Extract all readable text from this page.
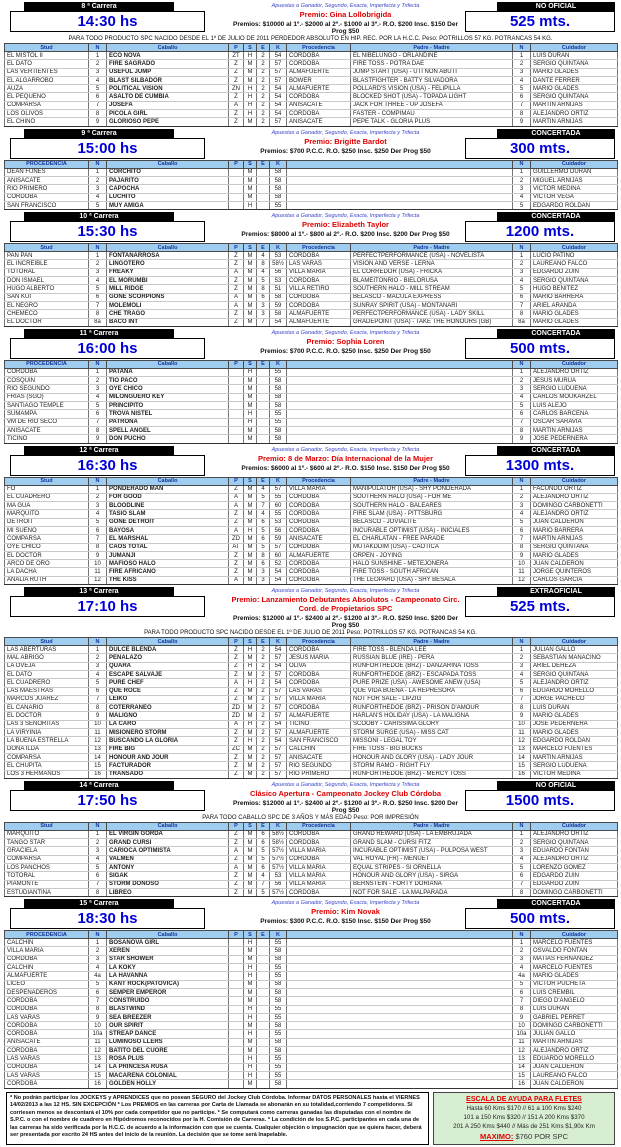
8 ª Carrera
14:30 hs
Apuestas a Ganador, Segundo, Exacta, Imperfecta y Trifecta
Premio: Gina Lollobrigida
Premios: $10000 al 1º.- $2000 al 2º.- $1000 al 3º.- R.O. $200 Insc. $150 Der Prog $50
NO OFICIAL
525 mts.
PARA TODO PRODUCTO SPC NACIDO DESDE EL 1º DE JULIO DE 2011 PERDEDOR ABSOLUTO EN HIP. REC. POR LA H.C.C. Peso: POTRILLOS 57 KG. POTRANCAS 54 KG.
Stud	N	Caballo	P	S	E	K	Procedencia	Padre - Madre	N	Cuidador
EL MISTOL II	1	ECO NOVA	ZT	H	2	54	CORDOBA	EL NIBELUNGO - ORLANDINE	1	LUIS DURAN
EL DATO	2	FIRE SAGRADO	Z	M	2	57	CORDOBA	FIRE TOSS - POTRA DAE	2	SERGIO QUINTANA
LAS VERTIENTES	3	USEFUL JUMP	Z	M	2	57	ALMAFUERTE	JUMP START (USA) - UTI NON ABUTI	3	MARIO GLADES
EL ALGARROBO	4	BLAST SILBADOR	Z	M	2	57	BOWER	BLASTFIGHTER - BATTY SILVADORA	4	DANTE FERRER
AUZA	5	POLITICAL VISION	ZN	H	2	54	ALMAFUERTE	POLLARD'S VISION (USA) - FELIPILLA	5	MARIO GLADES
EL PEQUEÑO	6	ASALTO DE CUMBIA	Z	H	2	54	CORDOBA	BLOCKED SHOT (USA) - TOPADA LIGHT	6	SERGIO QUINTANA
COMPARSA	7	JOSEFA	A	H	2	54	ANISACATE	JACK FOR THREE - UP JOSEFA	7	MARTIN ARNIJAS
LOS OLIVOS	8	PICOLA GIRL	Z	H	2	54	CORDOBA	FASTER - COMPIMAU	8	ALEJANDRO ORTIZ
EL CHINO	9	GLORIOSO PEPE	Z	M	2	57	ANISACATE	PEPE TALK - GLORIA PLUS	9	MARTIN ARNIJAS
9 ª Carrera
15:00 hs
Apuestas a Ganador, Segundo, Exacta, Imperfecta y Trifecta
Premio: Brigitte Bardot
Premios: $700 P.C.C. R.O. $250 Insc. $250 Der Prog $50
CONCERTADA
300 mts.
PROCEDENCIA	N	Caballo	P	S	E	K		N	Cuidador
DEAN FUNES	1	CORCHITO		M		58		1	GUILLERMO DURAN
ANISACATE	2	PAJARITO		M		58		2	MIGUEL ARNIJAS
RIO PRIMERO	3	CAPOCHA		M		58		3	VICTOR MEDINA
CORDOBA	4	LUCHITO		M		58		4	VICTOR VEGA
SAN FRANCISCO	5	MUY AMIGA		H		55		5	EDGARDO ROLDAN
10 ª Carrera
15:30 hs
Apuestas a Ganador, Segundo, Exacta, Imperfecta y Trifecta
Premio: Elizabeth Taylor
Premios: $8000 al 1º.- $800 al 2º.- R.O. $200 Insc. $200 Der Prog $50
CONCERTADA
1200 mts.
Stud	N	Caballo	P	S	E	K	Procedencia	Padre - Madre	N	Cuidador
PAN PAN	1	FONTANARROSA	Z	M	4	53	CORDOBA	PERFECTPERFORMANCE (USA) - NOVELISTA	1	LUCIO PATIÑO
EL INCREIBLE	2	LINGOTERO	Z	M	8	58½	LAS VARAS	VISION AND VERSE - LERNA	2	LAUREANO FALCO
TOTORAL	3	FREAKY	A	M	4	56	VILLA MARIA	EL CORREDOR (USA) - FRICKA	3	EDGARDO ZUIN
DON ISMAEL	4	EL MORUMBI	Z	M	5	53	CORDOBA	BLAMEITONRIO - BIELORUSA	4	SERGIO QUINTANA
HUGO ALBERTO	5	MILL RIDGE	Z	M	8	51	VILLA RETIRO	SOUTHERN HALO - MILL STREAM	5	HUGO BENITEZ
SAN KUI	6	GONE SCORPIONS	A	M	6	58	CORDOBA	BELASCO - MACULA EXPRESS	6	MARIO BARRERA
EL NEGRO	7	MOLEMOLI	A	M	3	59	CORDOBA	SUNRAY SPIRIT (USA) - MONTANARI	7	ARIEL ARANDA
CHEMECO	8	CHE TRAGO	Z	M	3	58	ALMAFUERTE	PERFECTPERFORMANCE (USA) - LADY SKILL	8	MARIO GLADES
EL DOCTOR	8a	BACO INT	Z	M	7	54	ALMAFUERTE	GRADEPOINT (USA) - TAKE THE HONOURS (GB)	8a	MARIO GLADES
11 ª Carrera
16:00 hs
Apuestas a Ganador, Segundo, Exacta, Imperfecta y Trifecta
Premio: Sophia Loren
Premios: $700 P.C.C. R.O. $250 Insc. $250 Der Prog $50
CONCERTADA
500 mts.
PROCEDENCIA	N	Caballo	P	S	E	K		N	Cuidador
CORDOBA	1	PATANA		H		55		1	ALEJANDRO ORTIZ
COSQUIN	2	TIO PACO		M		58		2	JESUS MURUA
RIO SEGUNDO	3	OYE CHICO		M		58		3	SERGIO LUDUEÑA
FRIAS (SGO)	4	MILONGUERO KEY		M		58		4	CARLOS MOUKARZEL
SANTIAGO TEMPLE	5	PRINCIPITO		M		58		5	LUIS ALEJO
SUMAMPA	6	TROVA NISTEL		H		55		6	CARLOS BARCENA
VM DE RIO SECO	7	PATRONA		H		55		7	OSCAR SARAVIA
ANISACATE	8	SPELL ANGEL		M		58		8	MARTIN ARNIJAS
TICINO	9	DON PUCHO		M		58		9	JOSE PEDERNERA
12 ª Carrera
16:30 hs
Apuestas a Ganador, Segundo, Exacta, Imperfecta y Trifecta
Premio: 8 de Marzo: Día Internacional de la Mujer
Premios: $6000 al 1º.- $600 al 2º.- R.O. $150 Insc. $150 Der Prog $50
CONCERTADA
1300 mts.
Stud	N	Caballo	P	S	E	K	Procedencia	Padre - Madre	N	Cuidador
FO	1	PONDERADO MAN	Z	M	4	57	VILLA MARIA	MANIPULATOR (USA) - SHY PONDERADA	1	FACUNDO ORTIZ
EL CUADRERO	2	FOR GOOD	A	M	5	55	CORDOBA	SOUTHERN HALO (USA) - FOR ME	2	ALEJANDRO ORTIZ
MA GUA	3	BLOODLINE	A	M	7	60	CORDOBA	SOUTHERN HALO - BALEARES	3	DOMINGO CARBONETTI
MARQUITO	4	TASIO SLAM	Z	M	4	55	CORDOBA	FIRE SLAM (USA) - PITTSBURG	4	ALEJANDRO ORTIZ
DETROIT	5	GONE DETROIT	Z	M	6	53	CORDOBA	BELASCO - JOVIALITE	5	JUAN CALDERON
MI SUEÑO	6	BAYOSA	A	H	5	56	CORDOBA	INCURABLE OPTIMIST (USA) - INICIALES	6	MARIO BARRERA
COMPARSA	7	EL MARSHAL	ZD	M	6	59	ANISACATE	EL CHARLATAN - FREE PARADE	7	MARTIN ARNIJAS
OYE CHICO	8	CAOS TOTAL	AT	M	5	57	CORDOBA	MUTAKDDIM (USA) - CAOTICA	8	SERGIO QUINTANA
EL DOCTOR	9	JUMANJI	Z	M	8	60	ALMAFUERTE	ORPEN - JOYING	9	MARIO GLADES
ARCO DE ORO	10	MAFIOSO HALO	Z	M	6	52	CORDOBA	HALO SUNSHINE - METEJONERA	10	JUAN CALDERON
LA DACHA	11	FIRE AFRICANO	Z	M	3	54	CORDOBA	FIRE TOSS - SOUTH AFRICAN	11	JORGE QUINTEROS
ANALIA RUTH	12	THE KISS	A	M	3	54	CORDOBA	THE LEOPARD (USA) - SHY BESALA	12	CARLOS GARCIA
13 ª Carrera
17:10 hs
Apuestas a Ganador, Segundo, Exacta, Imperfecta y Trifecta
Premio: Lanzamiento Debutantes Absolutos - Campeonato Circ. Cord. de Propietarios SPC
Premios: $12000 al 1º.- $2400 al 2º.- $1200 al 3º.- R.O. $250 Insc. $200 Der Prog $50
EXTRAOFICIAL
525 mts.
PARA TODO PRODUCTO SPC NACIDO DESDE EL 1º DE JULIO DE 2011 Peso: POTRILLOS 57 KG. POTRANCAS 54 KG.
Stud	N	Caballo	P	S	E	K	Procedencia	Padre - Madre	N	Cuidador
LAS ABERTURAS	1	DULCE BLENDA	Z	H	2	54	CORDOBA	FIRE TOSS - BLENDA LEE	1	JULIAN GALLO
MAL ABRIGO	2	PENALAZO	Z	M	2	57	JESUS MARIA	RUSSIAN BLUE (IRE) - PERA	2	SEBASTIAN MANACINO
LA OVEJA	3	QUARA	Z	H	2	54	OLIVA	RUNFORTHEDOE (BRZ) - DANZARINA TOSS	3	ARIEL DEHEZA
EL DATO	4	ESCAPE SALVAJE	Z	M	2	57	CORDOBA	RUNFORTHEDOE (BRZ) - ESCAPADA TOSS	4	SERGIO QUINTANA
EL CUADRERO	5	PURE CHEF	A	H	2	54	CORDOBA	PURE PRIZE (USA) - AWESOME ANEW (USA)	5	ALEJANDRO ORTIZ
LAS MAESTRAS	6	QUE ROCE	Z	M	2	57	LAS VARAS	QUE VIDA BUENA - LA REPRESORA	6	EDUARDO MORELLO
MARCOS JUAREZ	7	LEIKO	Z	M	2	57	VILLA MARIA	NOT FOR SALE - LIPZIG	7	JORGE PACHECO
EL CANARIO	8	COTERRANEO	ZD	M	2	57	CORDOBA	RUNFORTHEDOE (BRZ) - PRISON D'AMOUR	8	LUIS DURAN
EL DOCTOR	9	MALIGNO	ZD	M	2	57	ALMAFUERTE	HARLAN'S HOLIDAY (USA) - LA MALIGNA	9	MARIO GLADES
LAS 3 SEÑORITAS	10	LA CARO	A	H	2	54	TICINO	SCOOBY - CARISSIMA GLORY	10	JOSE PEDERNERA
LA VIRYINIA	11	MISIONERO STORM	Z	M	2	57	ALMAFUERTE	STORM SURGE (USA) - MISS CAT	11	MARIO GLADES
LA BUENA ESTRELLA	12	BUSCANDO LA GLORIA	Z	H	2	54	SAN FRANCISCO	MISSONI - LEGAL TOY	12	EDGARDO ROLDAN
DOÑA ILDA	13	FIRE BIG	ZC	M	2	57	CALCHIN	FIRE TOSS - BIG BUCKS	13	MARCELO FUENTES
COMPARSA	14	HONOUR AND JOUR	Z	M	2	57	ANISACATE	HONOUR AND GLORY (USA) - LADY JOUR	14	MARTIN ARNIJAS
EL CHUPITA	15	FACTURADOR	Z	M	2	57	RIO SEGUNDO	STORM RAMO - RIGHT FLY	15	SERGIO LUDUEÑA
LOS 3 HERMANOS	16	TRANSADO	Z	M	2	57	RIO PRIMERO	RUNFORTHEDOE (BRZ) - MERCY TOSS	16	VICTOR MEDINA
14 ª Carrera
17:50 hs
Apuestas a Ganador, Segundo, Exacta, Imperfecta y Trifecta
Clásico Apertura - Campeonato Jockey Club Córdoba
Premios: $12000 al 1º.- $2400 al 2º.- $1200 al 3º.- R.O. $250 Insc. $200 Der Prog $50
NO OFICIAL
1500 mts.
PARA TODO CABALLO SPC DE 3 AÑOS Y MÁS EDAD Peso: POR IMPRESIÓN
Stud	N	Caballo	P	S	E	K	Procedencia	Padre - Madre	N	Cuidador
MARQUITO	1	EL VIRGIN GORDA	Z	M	6	58½	CORDOBA	GRAND REWARD (USA) - LA EMBRUJADA	1	ALEJANDRO ORTIZ
TANGO STAR	2	GRAND CURSI	Z	M	6	58½	CORDOBA	GRAND SLAM - CURSI FITZ	2	SERGIO QUINTANA
GRACIELA	3	CARIOCA OPTIMISTA	A	M	5	57½	VILLA MARIA	INCURABLE OPTIMIST (USA) - PULPOSA WEST	3	EDUARDO FONTAN
COMPARSA	4	VALMEN	Z	M	5	57½	CORDOBA	VAL ROYAL (FR) - MENUET	4	ALEJANDRO ORTIZ
LOS PANCHOS	5	ANTONY	A	M	6	57½	VILLA MARIA	EQUAL STRIPES - SI ORNELLA	5	LORENZO GOMEZ
TOTORAL	6	SIGAK	Z	M	4	53	VILLA MARIA	HONOUR AND GLORY (USA) - SIRGA	6	EDGARDO ZUIN
PIAMONTE	7	STORM DONOSO	Z	M	7	56	VILLA MARIA	BERNSTEIN - FORTY DORIANA	7	EDGARDO ZUIN
ESTUDIANTINA	8	LIBREO	Z	M	5	57½	CORDOBA	NOT FOR SALE - LA MALPARADA	8	DOMINGO CARBONETTI
15 ª Carrera
18:30 hs
Apuestas a Ganador, Segundo, Exacta, Imperfecta y Trifecta
Premio: Kim Novak
Premios: $300 P.C.C. R.O. $150 Insc. $150 Der Prog $50
CONCERTADA
500 mts.
PROCEDENCIA	N	Caballo	P	S	E	K		N	Cuidador
CALCHIN	1	BOSANOVA GIRL		H		55		1	MARCELO FUENTES
VILLA MARIA	2	XEREN		M		58		2	OSVALDO FONTAN
CORDOBA	3	STAR SHOWER		M		58		3	MATIAS FERNANDEZ
CALCHIN	4	LA KOKY		H		55		4	MARCELO FUENTES
ALMAFUERTE	4a	LA HAVANNA		H		55		4a	MARIO GLADES
LICEO	5	KANT ROCK(PATOVICA)		M		58		5	VICTOR PUCHETA
DESPEÑADEROS	6	SEMPER EMPEROR		M		58		6	LUIS CREMBIL
CORDOBA	7	CONSTRUIDO		M		58		7	DIEGO D'ANGELO
CORDOBA	8	BLASTWIND		H		55		8	LUIS DURAN
LAS VARAS	9	SEA BREEZER		H		55		9	GABRIEL PERRET
CORDOBA	10	OUR SPIRIT		M		58		10	DOMINGO CARBONETTI
CORDOBA	10a	STREAP DANCE		H		55		10a	JULIAN GALLO
ANISACATE	11	LUMINOSO LLERS		M		58		11	MARTIN ARNIJAS
CORDOBA	12	BATITO DEL CUORE		M		58		12	ALEJANDRO ORTIZ
LAS VARAS	13	ROSA PLUS		H		55		13	EDUARDO MORELLO
CORDOBA	14	LA PRINCESA RUSA		H		55		14	JUAN CALDERON
LAS VARAS	15	MACARENA COLONIAL		H		55		15	LAUREANO FALCO
CORDOBA	16	GOLDEN HOLLY		M		58		16	JUAN CALDERON
* No podrán participar los JOCKEYS y APRENDICES que no posean SEGURO del Jockey Club Córdoba. Informar DATOS PERSONALES hasta el VIERNES 14/02/2013 a las 12 HS. SIN EXCEPCIÓN * Los PREMIOS en las carreras por Carta de Llamada se abonarán en su totalidad,corriendo 7 competidores. Si corriesen menos se descontará el 10% por cada competidor que no participe. * Se computará como carreras ganadas las disputadas con el nombre de S.P.C. o con el nombre de cuadrero en Hipódromos reconocidos por la H. Comisión de Carreras. * La condición de los S.P.C. participantes en cada una de las carreras ha sido verificada por la H.C.C. de acuerdo a la información con que se cuenta. Cualquier objeción o impugnación que se quiera hacer, deberá ser presentada por escrito 24 HS antes del inicio de la reunión. La decisión que se tome será Inapelable.
ESCALA DE AYUDA PARA FLETES
Hasta 60 Kms $170 // 61 a 100 Kms $240
101 a 150 Kms $320 // 151 A 200 Kms $370
201 A 250 Kms $440 // Más de 251 Kms $1,90x Km
MAXIMO: $760 POR SPC
